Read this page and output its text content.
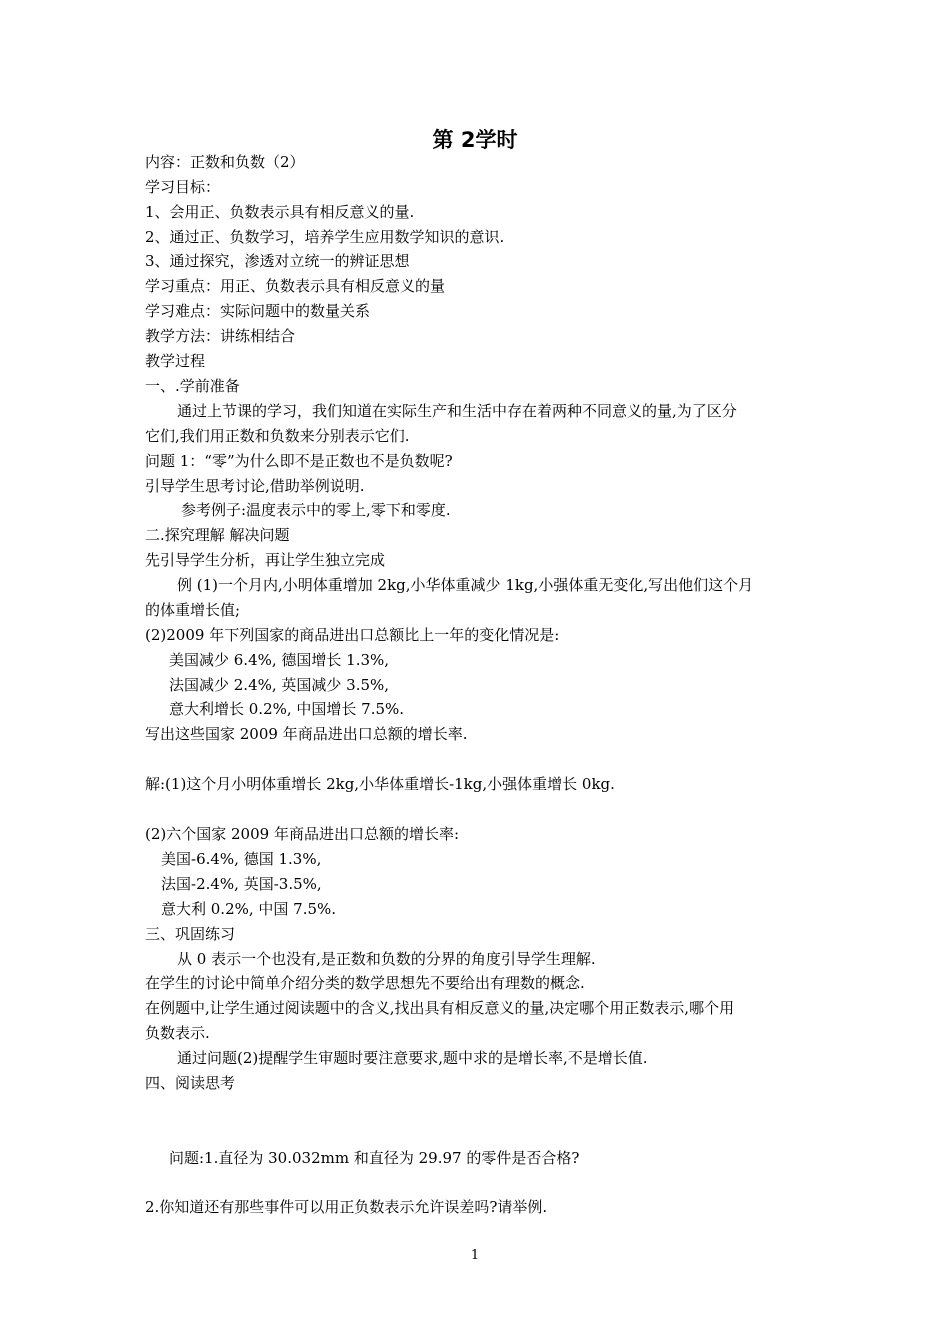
第 2学时
内容：正数和负数（2）
学习目标：
1、会用正、负数表示具有相反意义的量.
2、通过正、负数学习，培养学生应用数学知识的意识.
3、通过探究，渗透对立统一的辨证思想
学习重点：用正、负数表示具有相反意义的量
学习难点：实际问题中的数量关系
教学方法：讲练相结合
教学过程
一、.学前准备
通过上节课的学习，我们知道在实际生产和生活中存在着两种不同意义的量,为了区分
它们,我们用正数和负数来分别表示它们.
问题 1：“零”为什么即不是正数也不是负数呢?
引导学生思考讨论,借助举例说明.
参考例子:温度表示中的零上,零下和零度.
二.探究理解 解决问题
先引导学生分析，再让学生独立完成
例 (1)一个月内,小明体重增加 2kg,小华体重减少 1kg,小强体重无变化,写出他们这个月
的体重增长值;
(2)2009 年下列国家的商品进出口总额比上一年的变化情况是:
美国减少 6.4%, 德国增长 1.3%,
法国减少 2.4%, 英国减少 3.5%,
意大利增长 0.2%, 中国增长 7.5%.
写出这些国家 2009 年商品进出口总额的增长率.
解:(1)这个月小明体重增长 2kg,小华体重增长-1kg,小强体重增长 0kg.
(2)六个国家 2009 年商品进出口总额的增长率:
美国-6.4%, 德国 1.3%,
法国-2.4%, 英国-3.5%,
意大利 0.2%, 中国 7.5%.
三、巩固练习
从 0 表示一个也没有,是正数和负数的分界的角度引导学生理解.
在学生的讨论中简单介绍分类的数学思想先不要给出有理数的概念.
在例题中,让学生通过阅读题中的含义,找出具有相反意义的量,决定哪个用正数表示,哪个用
负数表示.
通过问题(2)提醒学生审题时要注意要求,题中求的是增长率,不是增长值.
四、阅读思考
问题:1.直径为 30.032mm 和直径为 29.97 的零件是否合格?
2.你知道还有那些事件可以用正负数表示允许误差吗?请举例.
1
